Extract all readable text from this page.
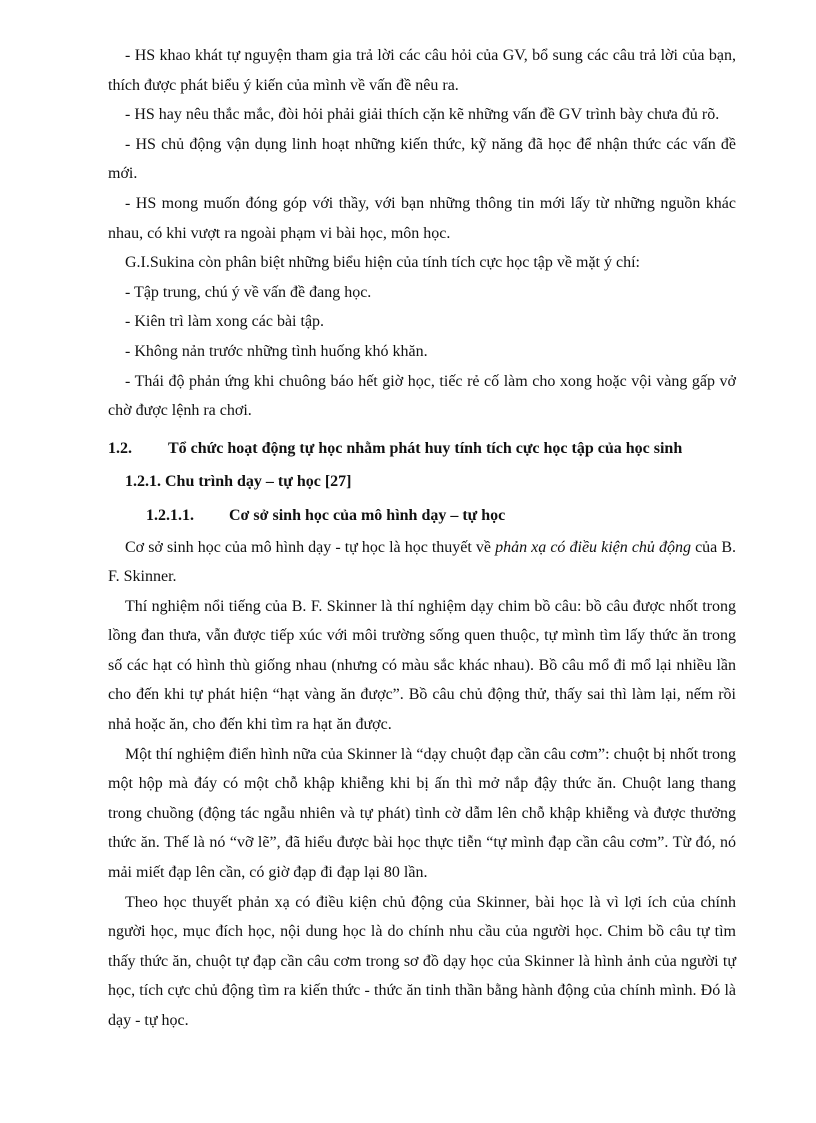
- HS khao khát tự nguyện tham gia trả lời các câu hỏi của GV, bổ sung các câu trả lời của bạn, thích được phát biểu ý kiến của mình về vấn đề nêu ra.

- HS hay nêu thắc mắc, đòi hỏi phải giải thích cặn kẽ những vấn đề GV trình bày chưa đủ rõ.

- HS chủ động vận dụng linh hoạt những kiến thức, kỹ năng đã học để nhận thức các vấn đề mới.

- HS mong muốn đóng góp với thầy, với bạn những thông tin mới lấy từ những nguồn khác nhau, có khi vượt ra ngoài phạm vi bài học, môn học.

G.I.Sukina còn phân biệt những biểu hiện của tính tích cực học tập về mặt ý chí:

- Tập trung, chú ý về vấn đề đang học.

- Kiên trì làm xong các bài tập.

- Không nản trước những tình huống khó khăn.

- Thái độ phản ứng khi chuông báo hết giờ học, tiếc rẻ cố làm cho xong hoặc vội vàng gấp vở chờ được lệnh ra chơi.

1.2.	Tổ chức hoạt động tự học nhằm phát huy tính tích cực học tập của học sinh
1.2.1. Chu trình dạy – tự học [27]
1.2.1.1.	Cơ sở sinh học của mô hình dạy – tự học

Cơ sở sinh học của mô hình dạy - tự học là học thuyết về phản xạ có điều kiện chủ động của B. F. Skinner.

Thí nghiệm nổi tiếng của B. F. Skinner là thí nghiệm dạy chim bồ câu: bồ câu được nhốt trong lồng đan thưa, vẫn được tiếp xúc với môi trường sống quen thuộc, tự mình tìm lấy thức ăn trong số các hạt có hình thù giống nhau (nhưng có màu sắc khác nhau). Bồ câu mổ đi mổ lại nhiều lần cho đến khi tự phát hiện “hạt vàng ăn được”. Bồ câu chủ động thử, thấy sai thì làm lại, nếm rồi nhả hoặc ăn, cho đến khi tìm ra hạt ăn được.

Một thí nghiệm điển hình nữa của Skinner là “dạy chuột đạp cần câu cơm”: chuột bị nhốt trong một hộp mà đáy có một chỗ khập khiễng khi bị ấn thì mở nắp đậy thức ăn. Chuột lang thang trong chuồng (động tác ngẫu nhiên và tự phát) tình cờ dẫm lên chỗ khập khiễng và được thưởng thức ăn. Thế là nó “vỡ lẽ”, đã hiểu được bài học thực tiễn “tự mình đạp cần câu cơm”. Từ đó, nó mải miết đạp lên cần, có giờ đạp đi đạp lại 80 lần.

Theo học thuyết phản xạ có điều kiện chủ động của Skinner, bài học là vì lợi ích của chính người học, mục đích học, nội dung học là do chính nhu cầu của người học. Chim bồ câu tự tìm thấy thức ăn, chuột tự đạp cần câu cơm trong sơ đồ dạy học của Skinner là hình ảnh của người tự học, tích cực chủ động tìm ra kiến thức - thức ăn tinh thần bằng hành động của chính mình. Đó là dạy - tự học.
